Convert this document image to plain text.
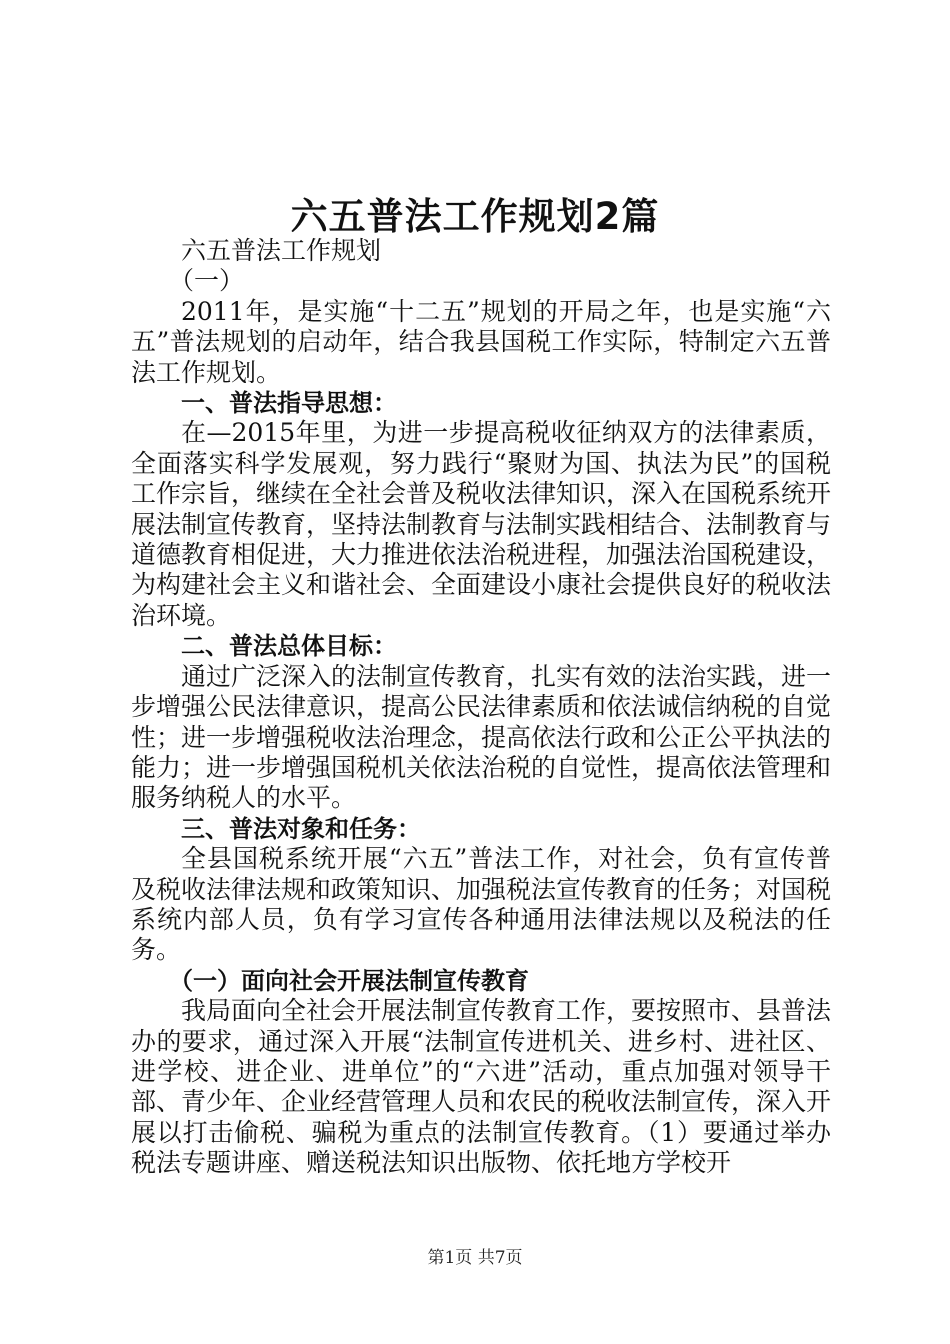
六五普法工作规划2篇

六五普法工作规划

（一）

2011年，是实施“十二五”规划的开局之年，也是实施“六五”普法规划的启动年，结合我县国税工作实际，特制定六五普法工作规划。

一、普法指导思想：

在—2015年里，为进一步提高税收征纳双方的法律素质，全面落实科学发展观，努力践行“聚财为国、执法为民”的国税工作宗旨，继续在全社会普及税收法律知识，深入在国税系统开展法制宣传教育，坚持法制教育与法制实践相结合、法制教育与道德教育相促进，大力推进依法治税进程，加强法治国税建设，为构建社会主义和谐社会、全面建设小康社会提供良好的税收法治环境。

二、普法总体目标：

通过广泛深入的法制宣传教育，扎实有效的法治实践，进一步增强公民法律意识，提高公民法律素质和依法诚信纳税的自觉性；进一步增强税收法治理念，提高依法行政和公正公平执法的能力；进一步增强国税机关依法治税的自觉性，提高依法管理和服务纳税人的水平。

三、普法对象和任务：

全县国税系统开展“六五”普法工作，对社会，负有宣传普及税收法律法规和政策知识、加强税法宣传教育的任务；对国税系统内部人员，负有学习宣传各种通用法律法规以及税法的任务。

（一）面向社会开展法制宣传教育

我局面向全社会开展法制宣传教育工作，要按照市、县普法办的要求，通过深入开展“法制宣传进机关、进乡村、进社区、进学校、进企业、进单位”的“六进”活动，重点加强对领导干部、青少年、企业经营管理人员和农民的税收法制宣传，深入开展以打击偷税、骗税为重点的法制宣传教育。（1）要通过举办税法专题讲座、赠送税法知识出版物、依托地方学校开

第1页 共7页
